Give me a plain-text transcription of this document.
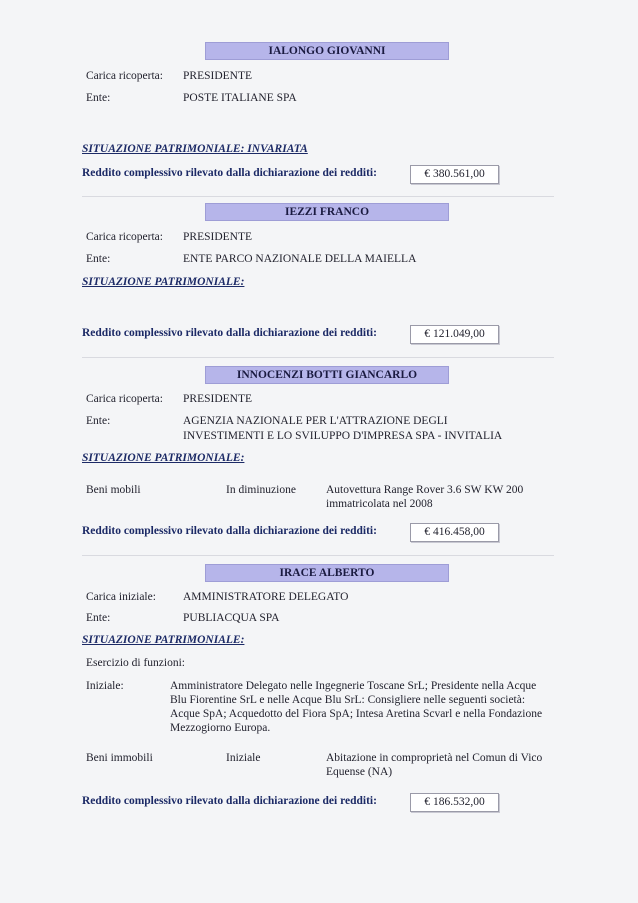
IALONGO GIOVANNI
Carica ricoperta: PRESIDENTE
Ente:	POSTE ITALIANE SPA
SITUAZIONE PATRIMONIALE: INVARIATA
Reddito complessivo rilevato dalla dichiarazione dei redditi:	€ 380.561,00
IEZZI FRANCO
Carica ricoperta: PRESIDENTE
Ente:	ENTE PARCO NAZIONALE DELLA MAIELLA
SITUAZIONE PATRIMONIALE:
Reddito complessivo rilevato dalla dichiarazione dei redditi:	€ 121.049,00
INNOCENZI BOTTI GIANCARLO
Carica ricoperta: PRESIDENTE
Ente:	AGENZIA NAZIONALE PER L'ATTRAZIONE DEGLI
INVESTIMENTI E LO SVILUPPO D'IMPRESA SPA - INVITALIA
SITUAZIONE PATRIMONIALE:
Beni mobili	In diminuzione	Autovettura Range Rover 3.6 SW KW 200
immatricolata nel 2008
Reddito complessivo rilevato dalla dichiarazione dei redditi:	€ 416.458,00
IRACE ALBERTO
Carica iniziale: AMMINISTRATORE DELEGATO
Ente:	PUBLIACQUA SPA
SITUAZIONE PATRIMONIALE:
Esercizio di funzioni:
Iniziale:	Amministratore Delegato nelle Ingegnerie Toscane SrL; Presidente nella Acque
Blu Fiorentine SrL e nelle Acque Blu SrL: Consigliere nelle seguenti società:
Acque SpA; Acquedotto del Fiora SpA; Intesa Aretina Scvarl e nella Fondazione
Mezzogiorno Europa.
Beni immobili	Iniziale	Abitazione in comproprietà nel Comun di Vico
Equense (NA)
Reddito complessivo rilevato dalla dichiarazione dei redditi:	€ 186.532,00
